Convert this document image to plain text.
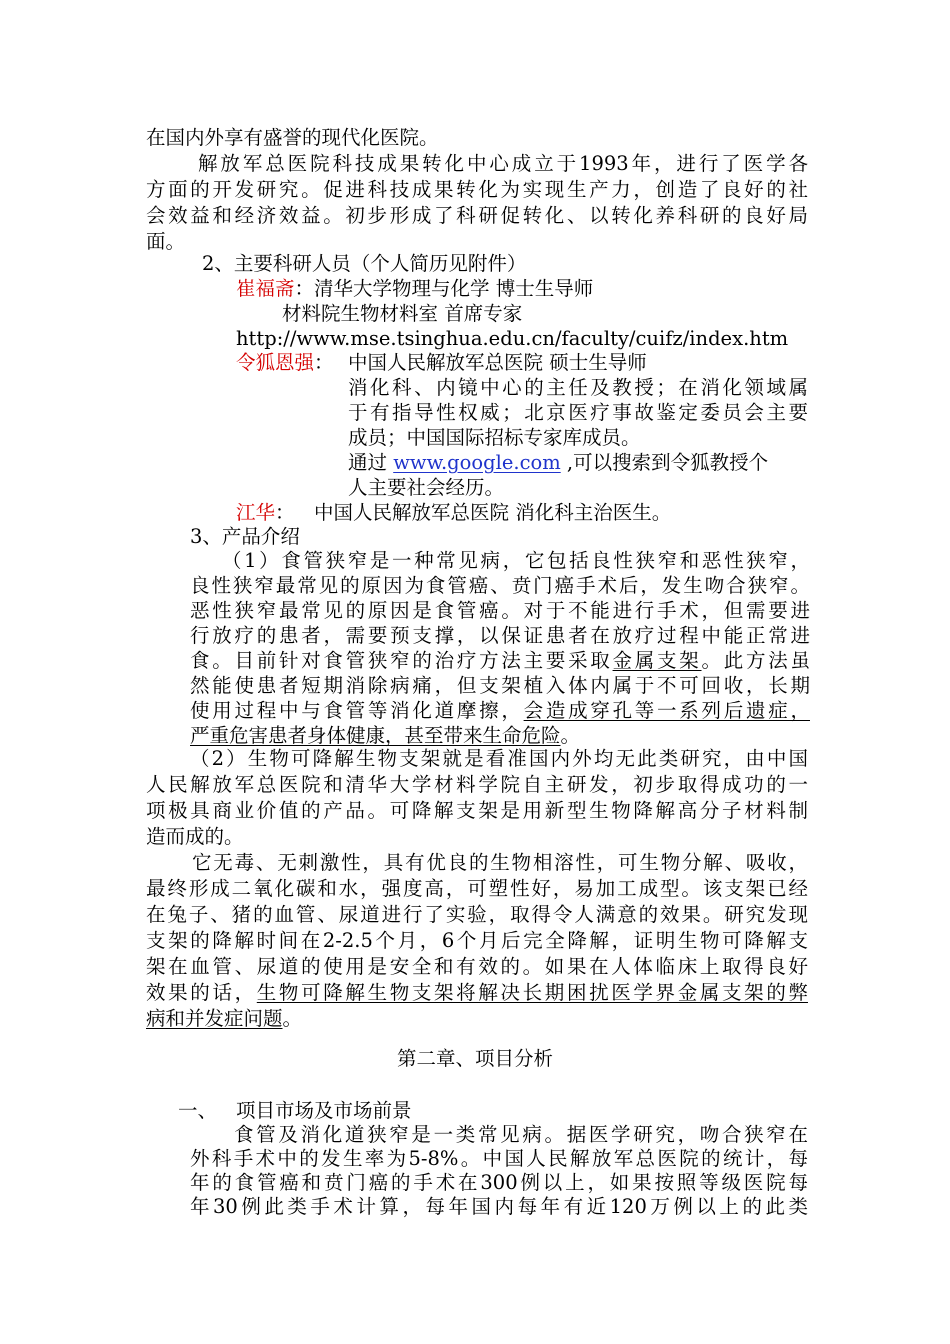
在国内外享有盛誉的现代化医院。
解放军总医院科技成果转化中心成立于1993年，进行了医学各
方面的开发研究。促进科技成果转化为实现生产力，创造了良好的社
会效益和经济效益。初步形成了科研促转化、以转化养科研的良好局
面。
2、主要科研人员（个人简历见附件）
崔福斋：清华大学物理与化学 博士生导师
材料院生物材料室 首席专家
http://www.mse.tsinghua.edu.cn/faculty/cuifz/index.htm
令狐恩强： 中国人民解放军总医院 硕士生导师
消化科、内镜中心的主任及教授；在消化领域属
于有指导性权威；北京医疗事故鉴定委员会主要
成员；中国国际招标专家库成员。
通过 www.google.com ,可以搜索到令狐教授个
人主要社会经历。
江华： 中国人民解放军总医院 消化科主治医生。
3、产品介绍
（1）食管狭窄是一种常见病，它包括良性狭窄和恶性狭窄，
良性狭窄最常见的原因为食管癌、贲门癌手术后，发生吻合狭窄。
恶性狭窄最常见的原因是食管癌。对于不能进行手术，但需要进
行放疗的患者，需要预支撑，以保证患者在放疗过程中能正常进
食。目前针对食管狭窄的治疗方法主要采取金属支架。此方法虽
然能使患者短期消除病痛，但支架植入体内属于不可回收，长期
使用过程中与食管等消化道摩擦，会造成穿孔等一系列后遗症，
严重危害患者身体健康，甚至带来生命危险。
（2）生物可降解生物支架就是看准国内外均无此类研究，由中国
人民解放军总医院和清华大学材料学院自主研发，初步取得成功的一
项极具商业价值的产品。可降解支架是用新型生物降解高分子材料制
造而成的。
它无毒、无刺激性，具有优良的生物相溶性，可生物分解、吸收，
最终形成二氧化碳和水，强度高，可塑性好，易加工成型。该支架已经
在兔子、猪的血管、尿道进行了实验，取得令人满意的效果。研究发现
支架的降解时间在2-2.5个月，6个月后完全降解，证明生物可降解支
架在血管、尿道的使用是安全和有效的。如果在人体临床上取得良好
效果的话，生物可降解生物支架将解决长期困扰医学界金属支架的弊
病和并发症问题。
第二章、项目分析
一、 项目市场及市场前景
食管及消化道狭窄是一类常见病。据医学研究，吻合狭窄在
外科手术中的发生率为5-8%。中国人民解放军总医院的统计，每
年的食管癌和贲门癌的手术在300例以上，如果按照等级医院每
年30例此类手术计算，每年国内每年有近120万例以上的此类
